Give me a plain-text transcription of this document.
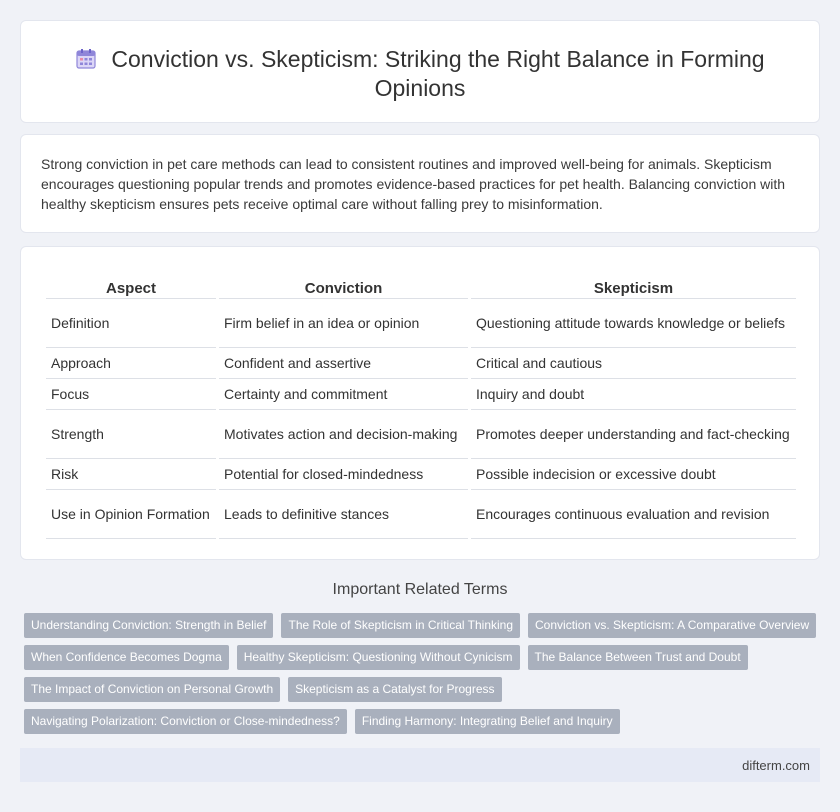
Conviction vs. Skepticism: Striking the Right Balance in Forming Opinions

Strong conviction in pet care methods can lead to consistent routines and improved well-being for animals. Skepticism encourages questioning popular trends and promotes evidence-based practices for pet health. Balancing conviction with healthy skepticism ensures pets receive optimal care without falling prey to misinformation.

Aspect	Conviction	Skepticism
Definition	Firm belief in an idea or opinion	Questioning attitude towards knowledge or beliefs
Approach	Confident and assertive	Critical and cautious
Focus	Certainty and commitment	Inquiry and doubt
Strength	Motivates action and decision-making	Promotes deeper understanding and fact-checking
Risk	Potential for closed-mindedness	Possible indecision or excessive doubt
Use in Opinion Formation	Leads to definitive stances	Encourages continuous evaluation and revision
Important Related Terms
Understanding Conviction: Strength in Belief	The Role of Skepticism in Critical Thinking	Conviction vs. Skepticism: A Comparative Overview
When Confidence Becomes Dogma	Healthy Skepticism: Questioning Without Cynicism	The Balance Between Trust and Doubt
The Impact of Conviction on Personal Growth	Skepticism as a Catalyst for Progress
Navigating Polarization: Conviction or Close-mindedness?	Finding Harmony: Integrating Belief and Inquiry
difterm.com
